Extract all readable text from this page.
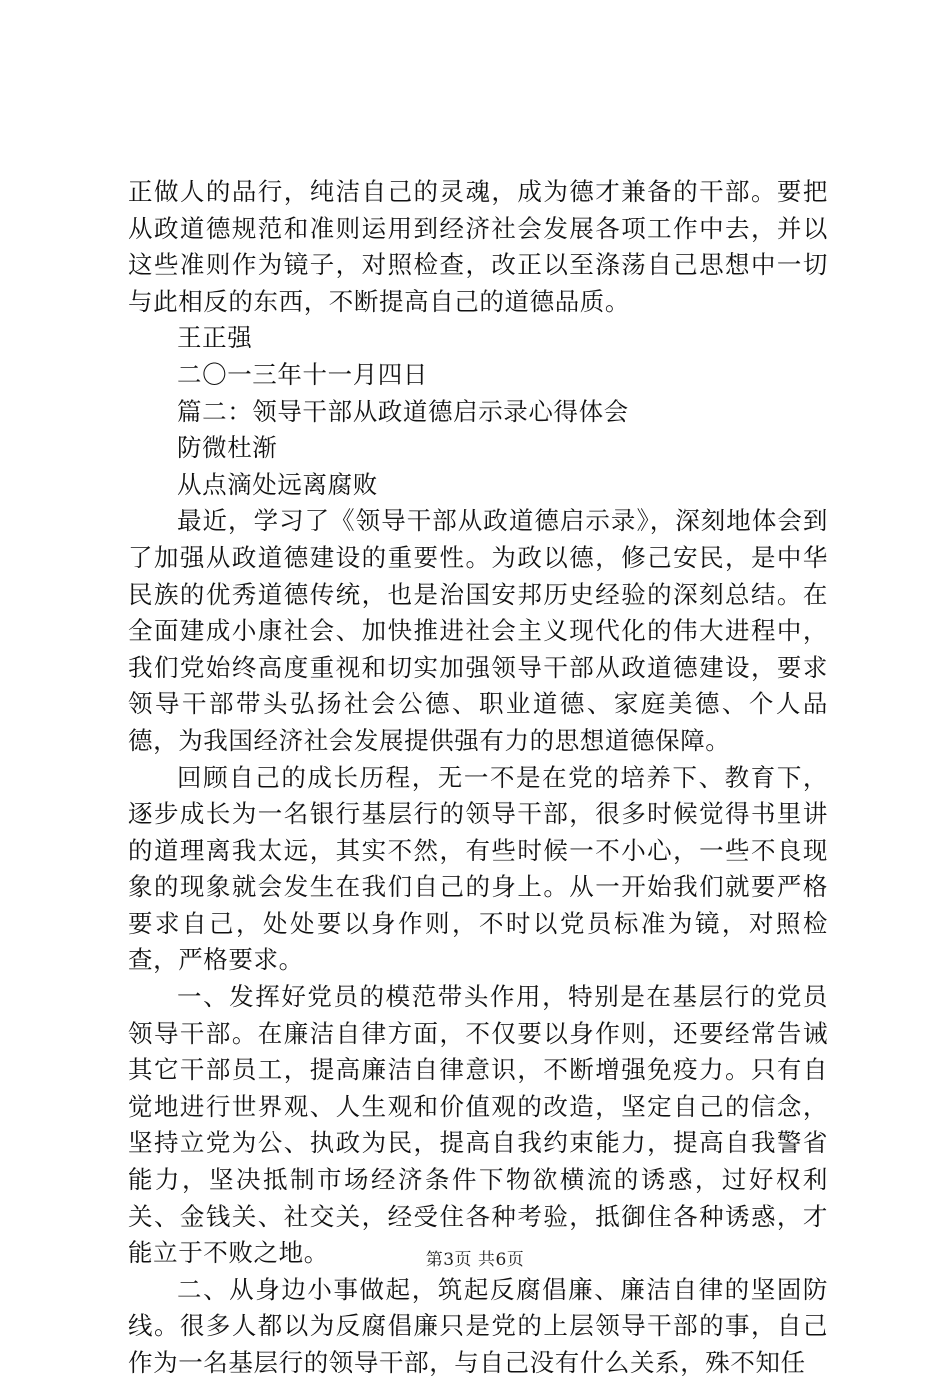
正做人的品行，纯洁自己的灵魂，成为德才兼备的干部。要把从政道德规范和准则运用到经济社会发展各项工作中去，并以这些准则作为镜子，对照检查，改正以至涤荡自己思想中一切与此相反的东西，不断提高自己的道德品质。

王正强

二〇一三年十一月四日

篇二：领导干部从政道德启示录心得体会

防微杜渐

从点滴处远离腐败

最近，学习了《领导干部从政道德启示录》，深刻地体会到了加强从政道德建设的重要性。为政以德，修己安民，是中华民族的优秀道德传统，也是治国安邦历史经验的深刻总结。在全面建成小康社会、加快推进社会主义现代化的伟大进程中，我们党始终高度重视和切实加强领导干部从政道德建设，要求领导干部带头弘扬社会公德、职业道德、家庭美德、个人品德，为我国经济社会发展提供强有力的思想道德保障。

回顾自己的成长历程，无一不是在党的培养下、教育下，逐步成长为一名银行基层行的领导干部，很多时候觉得书里讲的道理离我太远，其实不然，有些时候一不小心，一些不良现象的现象就会发生在我们自己的身上。从一开始我们就要严格要求自己，处处要以身作则，不时以党员标准为镜，对照检查，严格要求。

一、发挥好党员的模范带头作用，特别是在基层行的党员领导干部。在廉洁自律方面，不仅要以身作则，还要经常告诫其它干部员工，提高廉洁自律意识，不断增强免疫力。只有自觉地进行世界观、人生观和价值观的改造，坚定自己的信念，坚持立党为公、执政为民，提高自我约束能力，提高自我警省能力，坚决抵制市场经济条件下物欲横流的诱惑，过好权利关、金钱关、社交关，经受住各种考验，抵御住各种诱惑，才能立于不败之地。

二、从身边小事做起，筑起反腐倡廉、廉洁自律的坚固防线。很多人都以为反腐倡廉只是党的上层领导干部的事，自己作为一名基层行的领导干部，与自己没有什么关系，殊不知任

第3页 共6页
